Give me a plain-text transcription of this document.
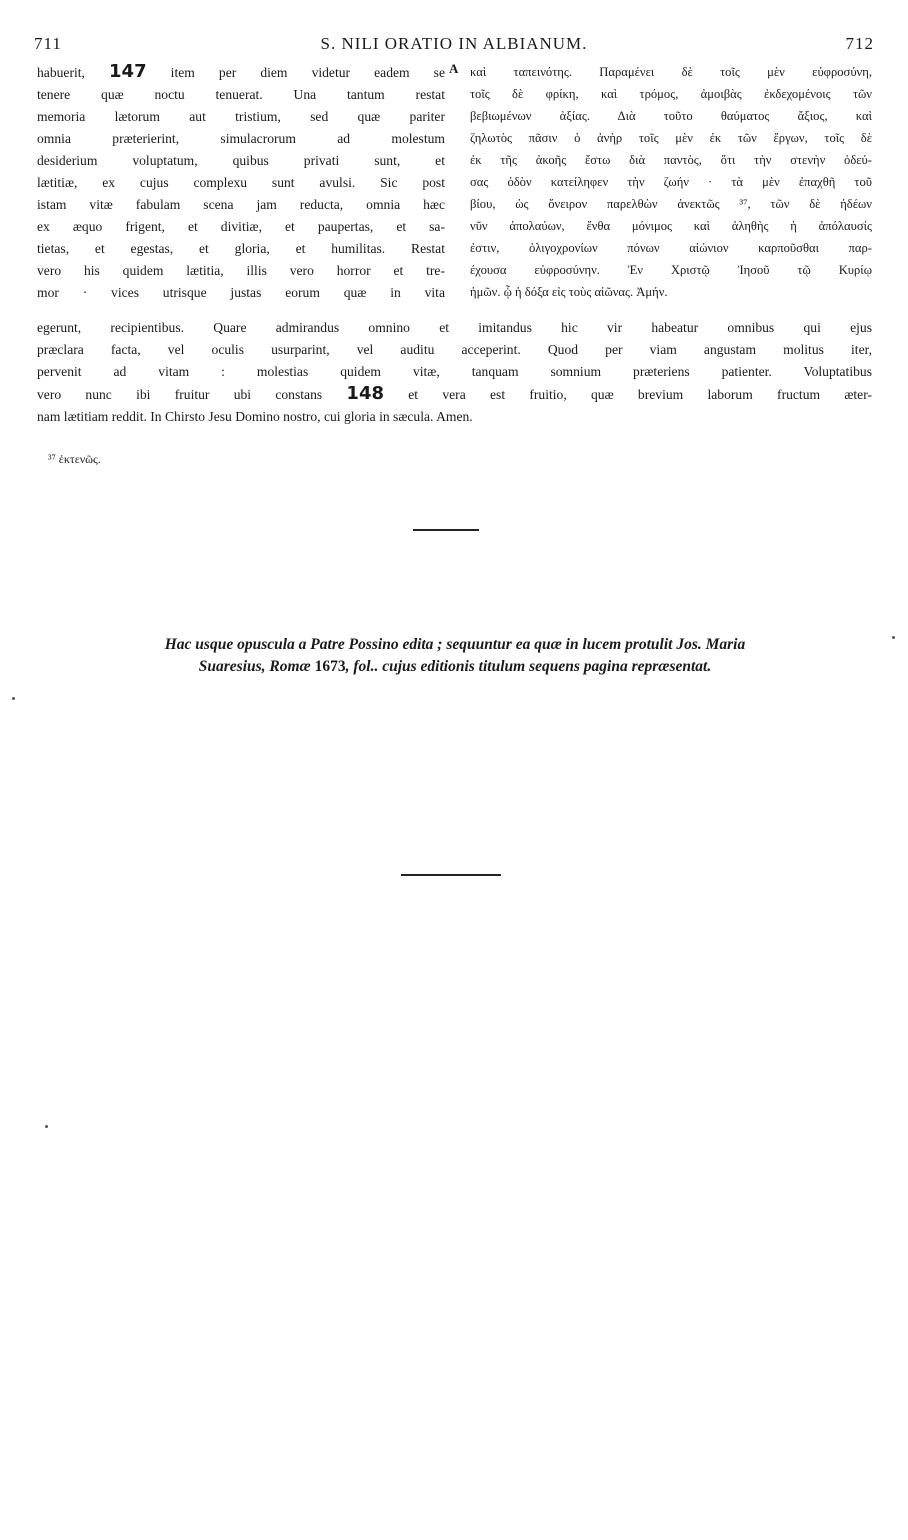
711	S. NILI ORATIO IN ALBIANUM.	712
habuerit, 147 item per diem videtur eadem se
tenere quæ noctu tenuerat. Una tantum restat
memoria lætorum aut tristium, sed quæ pariter
omnia præterierint, simulacrorum ad molestum
desiderium voluptatum, quibus privati sunt, et
lætitiæ, ex cujus complexu sunt avulsi. Sic post
istam vitæ fabulam scena jam reducta, omnia hæc
ex æquo frigent, et divitiæ, et paupertas, et sa-
tietas, et egestas, et gloria, et humilitas. Restat
vero his quidem lætitia, illis vero horror et tre-
mor · vices utrisque justas eorum quæ in vita
A καὶ ταπεινότης. Παραμένει δὲ τοῖς μὲν εὐφροσύνη,
τοῖς δὲ φρίκη, καὶ τρόμος, ἀμοιβὰς ἐκδεχομένοις τῶν
βεβιωμένων ἀξίας. Διὰ τοῦτο θαύματος ἄξιος, καὶ
ζηλωτὸς πᾶσιν ὁ ἀνὴρ τοῖς μὲν ἐκ τῶν ἔργων, τοῖς δὲ
ἐκ τῆς ἀκοῆς ἔστω διὰ παντὸς, ὅτι τὴν στενὴν ὁδεύ-
σας ὁδὸν κατείληφεν τὴν ζωήν · τὰ μὲν ἐπαχθῆ τοῦ
βίου, ὡς ὄνειρον παρελθὼν ἀνεκτῶς ³⁷, τῶν δὲ ἡδέων
νῦν ἀπολαύων, ἔνθα μόνιμος καὶ ἀληθὴς ἡ ἀπόλαυσίς
ἐστιν, ὀλιγοχρονίων πόνων αἰώνιον καρποῦσθαι παρ-
έχουσα εὐφροσύνην. Ἐν Χριστῷ Ἰησοῦ τῷ Κυρίῳ
ἡμῶν. ᾧ ἡ δόξα εἰς τοὺς αἰῶνας. Ἀμήν.
egerunt, recipientibus. Quare admirandus omnino et imitandus hic vir habeatur omnibus qui ejus
præclara facta, vel oculis usurparint, vel auditu acceperint. Quod per viam angustam molitus iter,
pervenit ad vitam : molestias quidem vitæ, tanquam somnium præteriens patienter. Voluptatibus
vero nunc ibi fruitur ubi constans 148 et vera est fruitio, quæ brevium laborum fructum æter-
nam lætitiam reddit. In Chirsto Jesu Domino nostro, cui gloria in sæcula. Amen.
³⁷ ἐκτενῶς.
Hac usque opuscula a Patre Possino edita ; sequuntur ea quæ in lucem protulit Jos. Maria
Suaresius, Romæ 1673, fol.. cujus editionis titulum sequens pagina repræsentat.
